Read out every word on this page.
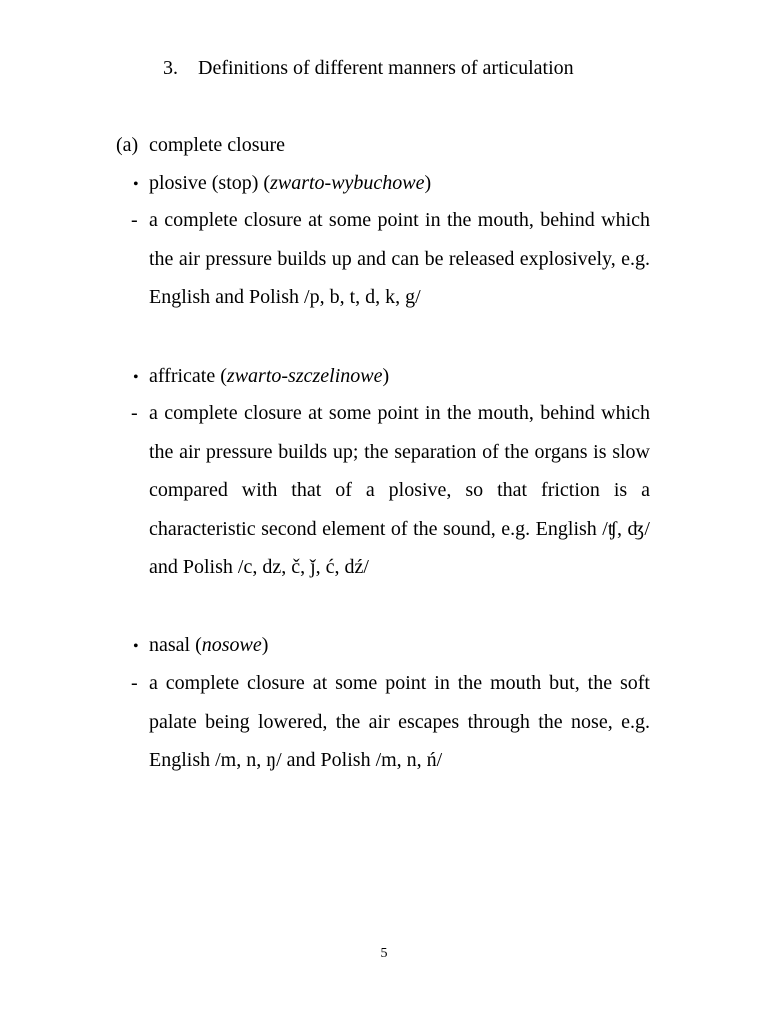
3. Definitions of different manners of articulation
(a) complete closure
• plosive (stop) (zwarto-wybuchowe)
- a complete closure at some point in the mouth, behind which the air pressure builds up and can be released explosively, e.g. English and Polish /p, b, t, d, k, g/
• affricate (zwarto-szczelinowe)
- a complete closure at some point in the mouth, behind which the air pressure builds up; the separation of the organs is slow compared with that of a plosive, so that friction is a characteristic second element of the sound, e.g. English /ʧ, ʤ/ and Polish /c, dz, č, ǰ, ć, dź/
• nasal (nosowe)
- a complete closure at some point in the mouth but, the soft palate being lowered, the air escapes through the nose, e.g. English /m, n, ŋ/ and Polish /m, n, ń/
5
